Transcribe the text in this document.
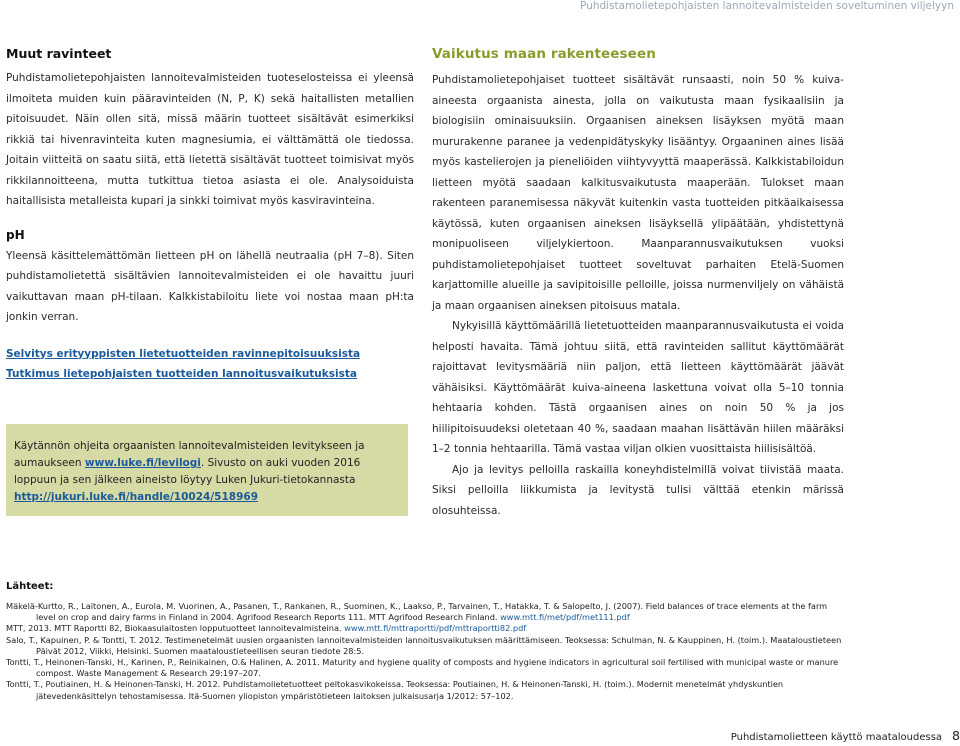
Puhdistamolietepohjaisten lannoitevalmisteiden soveltuminen viljelyyn
Muut ravinteet

Puhdistamolietepohjaisten lannoitevalmisteiden tuoteselosteissa ei yleensä ilmoiteta muiden kuin pääravinteiden (N, P, K) sekä haitallisten metallien pitoisuudet. Näin ollen sitä, missä määrin tuotteet sisältävät esimerkiksi rikkiä tai hivenravinteita kuten magnesiumia, ei välttämättä ole tiedossa. Joitain viitteitä on saatu siitä, että lietettä sisältävät tuotteet toimisivat myös rikkilannoitteena, mutta tutkittua tietoa asiasta ei ole. Analysoiduista haitallisista metalleista kupari ja sinkki toimivat myös kasviravinteina.

pH

Yleensä käsittelemättömän lietteen pH on lähellä neutraalia (pH 7–8). Siten puhdistamolietettä sisältävien lannoitevalmisteiden ei ole havaittu juuri vaikuttavan maan pH-tilaan. Kalkkistabiloitu liete voi nostaa maan pH:ta jonkin verran.

Selvitys erityyppisten lietetuotteiden ravinnepitoisuuksista
Tutkimus lietepohjaisten tuotteiden lannoitusvaikutuksista

Käytännön ohjeita orgaanisten lannoitevalmisteiden levitykseen ja aumaukseen www.luke.fi/levilogi. Sivusto on auki vuoden 2016 loppuun ja sen jälkeen aineisto löytyy Luken Jukuri-tietokannasta http://jukuri.luke.fi/handle/10024/518969

Vaikutus maan rakenteeseen

Puhdistamolietepohjaiset tuotteet sisältävät runsaasti, noin 50 % kuiva-aineesta orgaanista ainesta, jolla on vaikutusta maan fysikaalisiin ja biologisiin ominaisuuksiin. Orgaanisen aineksen lisäyksen myötä maan mururakenne paranee ja vedenpidätyskyky lisääntyy. Orgaaninen aines lisää myös kastelierojen ja pieneliöiden viihtyvyyttä maaperässä. Kalkkistabiloidun lietteen myötä saadaan kalkitusvaikutusta maaperään. Tulokset maan rakenteen paranemisessa näkyvät kuitenkin vasta tuotteiden pitkäaikaisessa käytössä, kuten orgaanisen aineksen lisäyksellä ylipäätään, yhdistettynä monipuoliseen viljelykiertoon. Maanparannusvaikutuksen vuoksi puhdistamolietepohjaiset tuotteet soveltuvat parhaiten Etelä-Suomen karjattomille alueille ja savipitoisille pelloille, joissa nurmenviljely on vähäistä ja maan orgaanisen aineksen pitoisuus matala.

Nykyisillä käyttömäärillä lietetuotteiden maanparannusvaikutusta ei voida helposti havaita. Tämä johtuu siitä, että ravinteiden sallitut käyttömäärät rajoittavat levitysmääriä niin paljon, että lietteen käyttömäärät jäävät vähäisiksi. Käyttömäärät kuiva-aineena laskettuna voivat olla 5–10 tonnia hehtaaria kohden. Tästä orgaanisen aines on noin 50 % ja jos hiilipitoisuudeksi oletetaan 40 %, saadaan maahan lisättävän hiilen määräksi 1–2 tonnia hehtaarilla. Tämä vastaa viljan olkien vuosittaista hiilisisältöä.

Ajo ja levitys pelloilla raskailla koneyhdistelmillä voivat tiivistää maata. Siksi pelloilla liikkumista ja levitystä tulisi välttää etenkin märissä olosuhteissa.

Lähteet:

Mäkelä-Kurtto, R., Laitonen, A., Eurola, M. Vuorinen, A., Pasanen, T., Rankanen, R., Suominen, K., Laakso, P., Tarvainen, T., Hatakka, T. & Salopelto, J. (2007). Field balances of trace elements at the farm level on crop and dairy farms in Finland in 2004. Agrifood Research Reports 111. MTT Agrifood Research Finland. www.mtt.fi/met/pdf/met111.pdf

MTT, 2013. MTT Raportti 82, Biokaasulaitosten lopputuotteet lannoitevalmisteina. www.mtt.fi/mttraportti/pdf/mttraportti82.pdf

Salo, T., Kapuinen, P. & Tontti, T. 2012. Testimenetelmät uusien orgaanisten lannoitevalmisteiden lannoitusvaikutuksen määrittämiseen. Teoksessa: Schulman, N. & Kauppinen, H. (toim.). Maataloustieteen Päivät 2012, Viikki, Helsinki. Suomen maataloustieteellisen seuran tiedote 28:5.

Tontti, T., Heinonen-Tanski, H., Karinen, P., Reinikainen, O.& Halinen, A. 2011. Maturity and hygiene quality of composts and hygiene indicators in agricultural soil fertilised with municipal waste or manure compost. Waste Management & Research 29:197–207.

Tontti, T., Poutiainen, H. & Heinonen-Tanski, H. 2012. Puhdistamolietetuotteet peltokasvikokeissa. Teoksessa: Poutiainen, H. & Heinonen-Tanski, H. (toim.). Modernit menetelmät yhdyskuntien jätevedenkäsittelyn tehostamisessa. Itä-Suomen yliopiston ympäristötieteen laitoksen julkaisusarja 1/2012: 57–102.

Puhdistamolietteen käyttö maataloudessa 8
